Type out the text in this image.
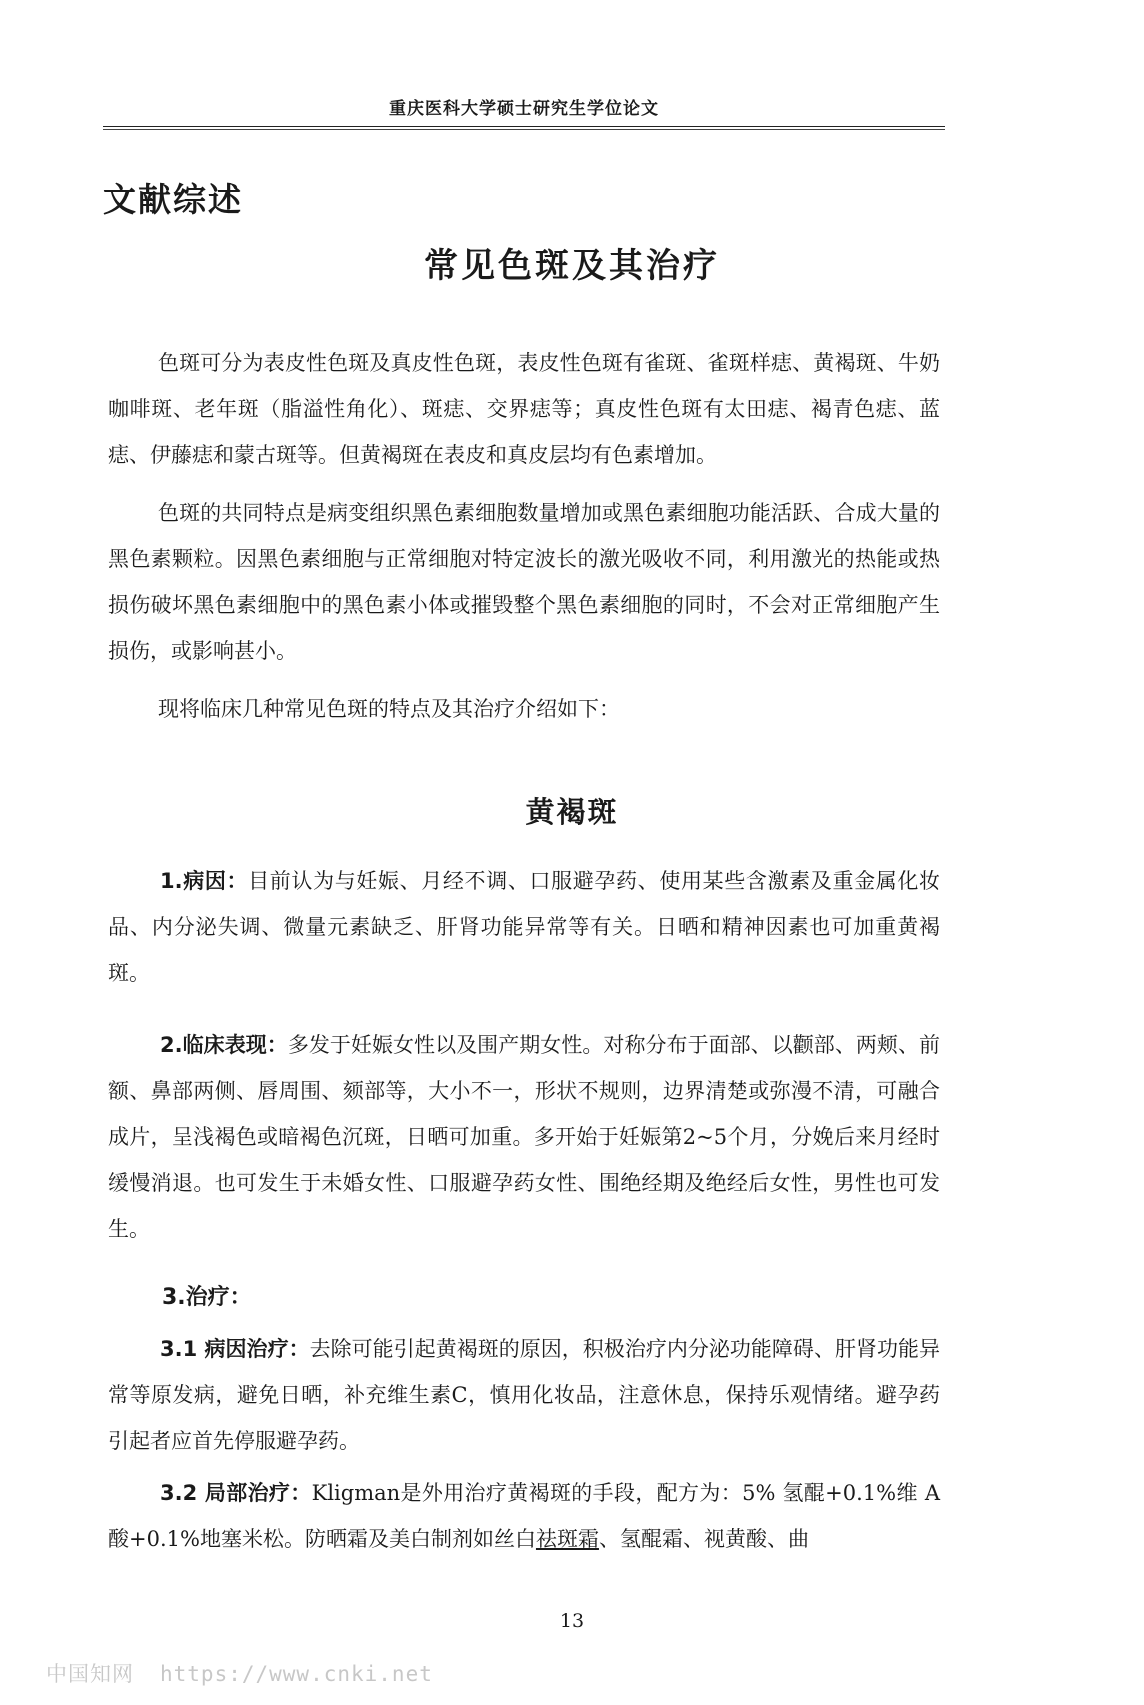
重庆医科大学硕士研究生学位论文
文献综述
常见色斑及其治疗

色斑可分为表皮性色斑及真皮性色斑，表皮性色斑有雀斑、雀斑样痣、黄褐斑、牛奶咖啡斑、老年斑（脂溢性角化）、斑痣、交界痣等；真皮性色斑有太田痣、褐青色痣、蓝痣、伊藤痣和蒙古斑等。但黄褐斑在表皮和真皮层均有色素增加。

色斑的共同特点是病变组织黑色素细胞数量增加或黑色素细胞功能活跃、合成大量的黑色素颗粒。因黑色素细胞与正常细胞对特定波长的激光吸收不同，利用激光的热能或热损伤破坏黑色素细胞中的黑色素小体或摧毁整个黑色素细胞的同时，不会对正常细胞产生损伤，或影响甚小。

现将临床几种常见色斑的特点及其治疗介绍如下：

黄褐斑

1.病因：目前认为与妊娠、月经不调、口服避孕药、使用某些含激素及重金属化妆品、内分泌失调、微量元素缺乏、肝肾功能异常等有关。日晒和精神因素也可加重黄褐斑。

2.临床表现：多发于妊娠女性以及围产期女性。对称分布于面部、以颧部、两颊、前额、鼻部两侧、唇周围、颏部等，大小不一，形状不规则，边界清楚或弥漫不清，可融合成片，呈浅褐色或暗褐色沉斑，日晒可加重。多开始于妊娠第2~5个月，分娩后来月经时缓慢消退。也可发生于未婚女性、口服避孕药女性、围绝经期及绝经后女性，男性也可发生。

3.治疗：

3.1 病因治疗：去除可能引起黄褐斑的原因，积极治疗内分泌功能障碍、肝肾功能异常等原发病，避免日晒，补充维生素C，慎用化妆品，注意休息，保持乐观情绪。避孕药引起者应首先停服避孕药。

3.2 局部治疗：Kligman是外用治疗黄褐斑的手段，配方为：5% 氢醌+0.1%维 A 酸+0.1%地塞米松。防晒霜及美白制剂如丝白祛斑霜、氢醌霜、视黄酸、曲

13
中国知网 https://www.cnki.net
